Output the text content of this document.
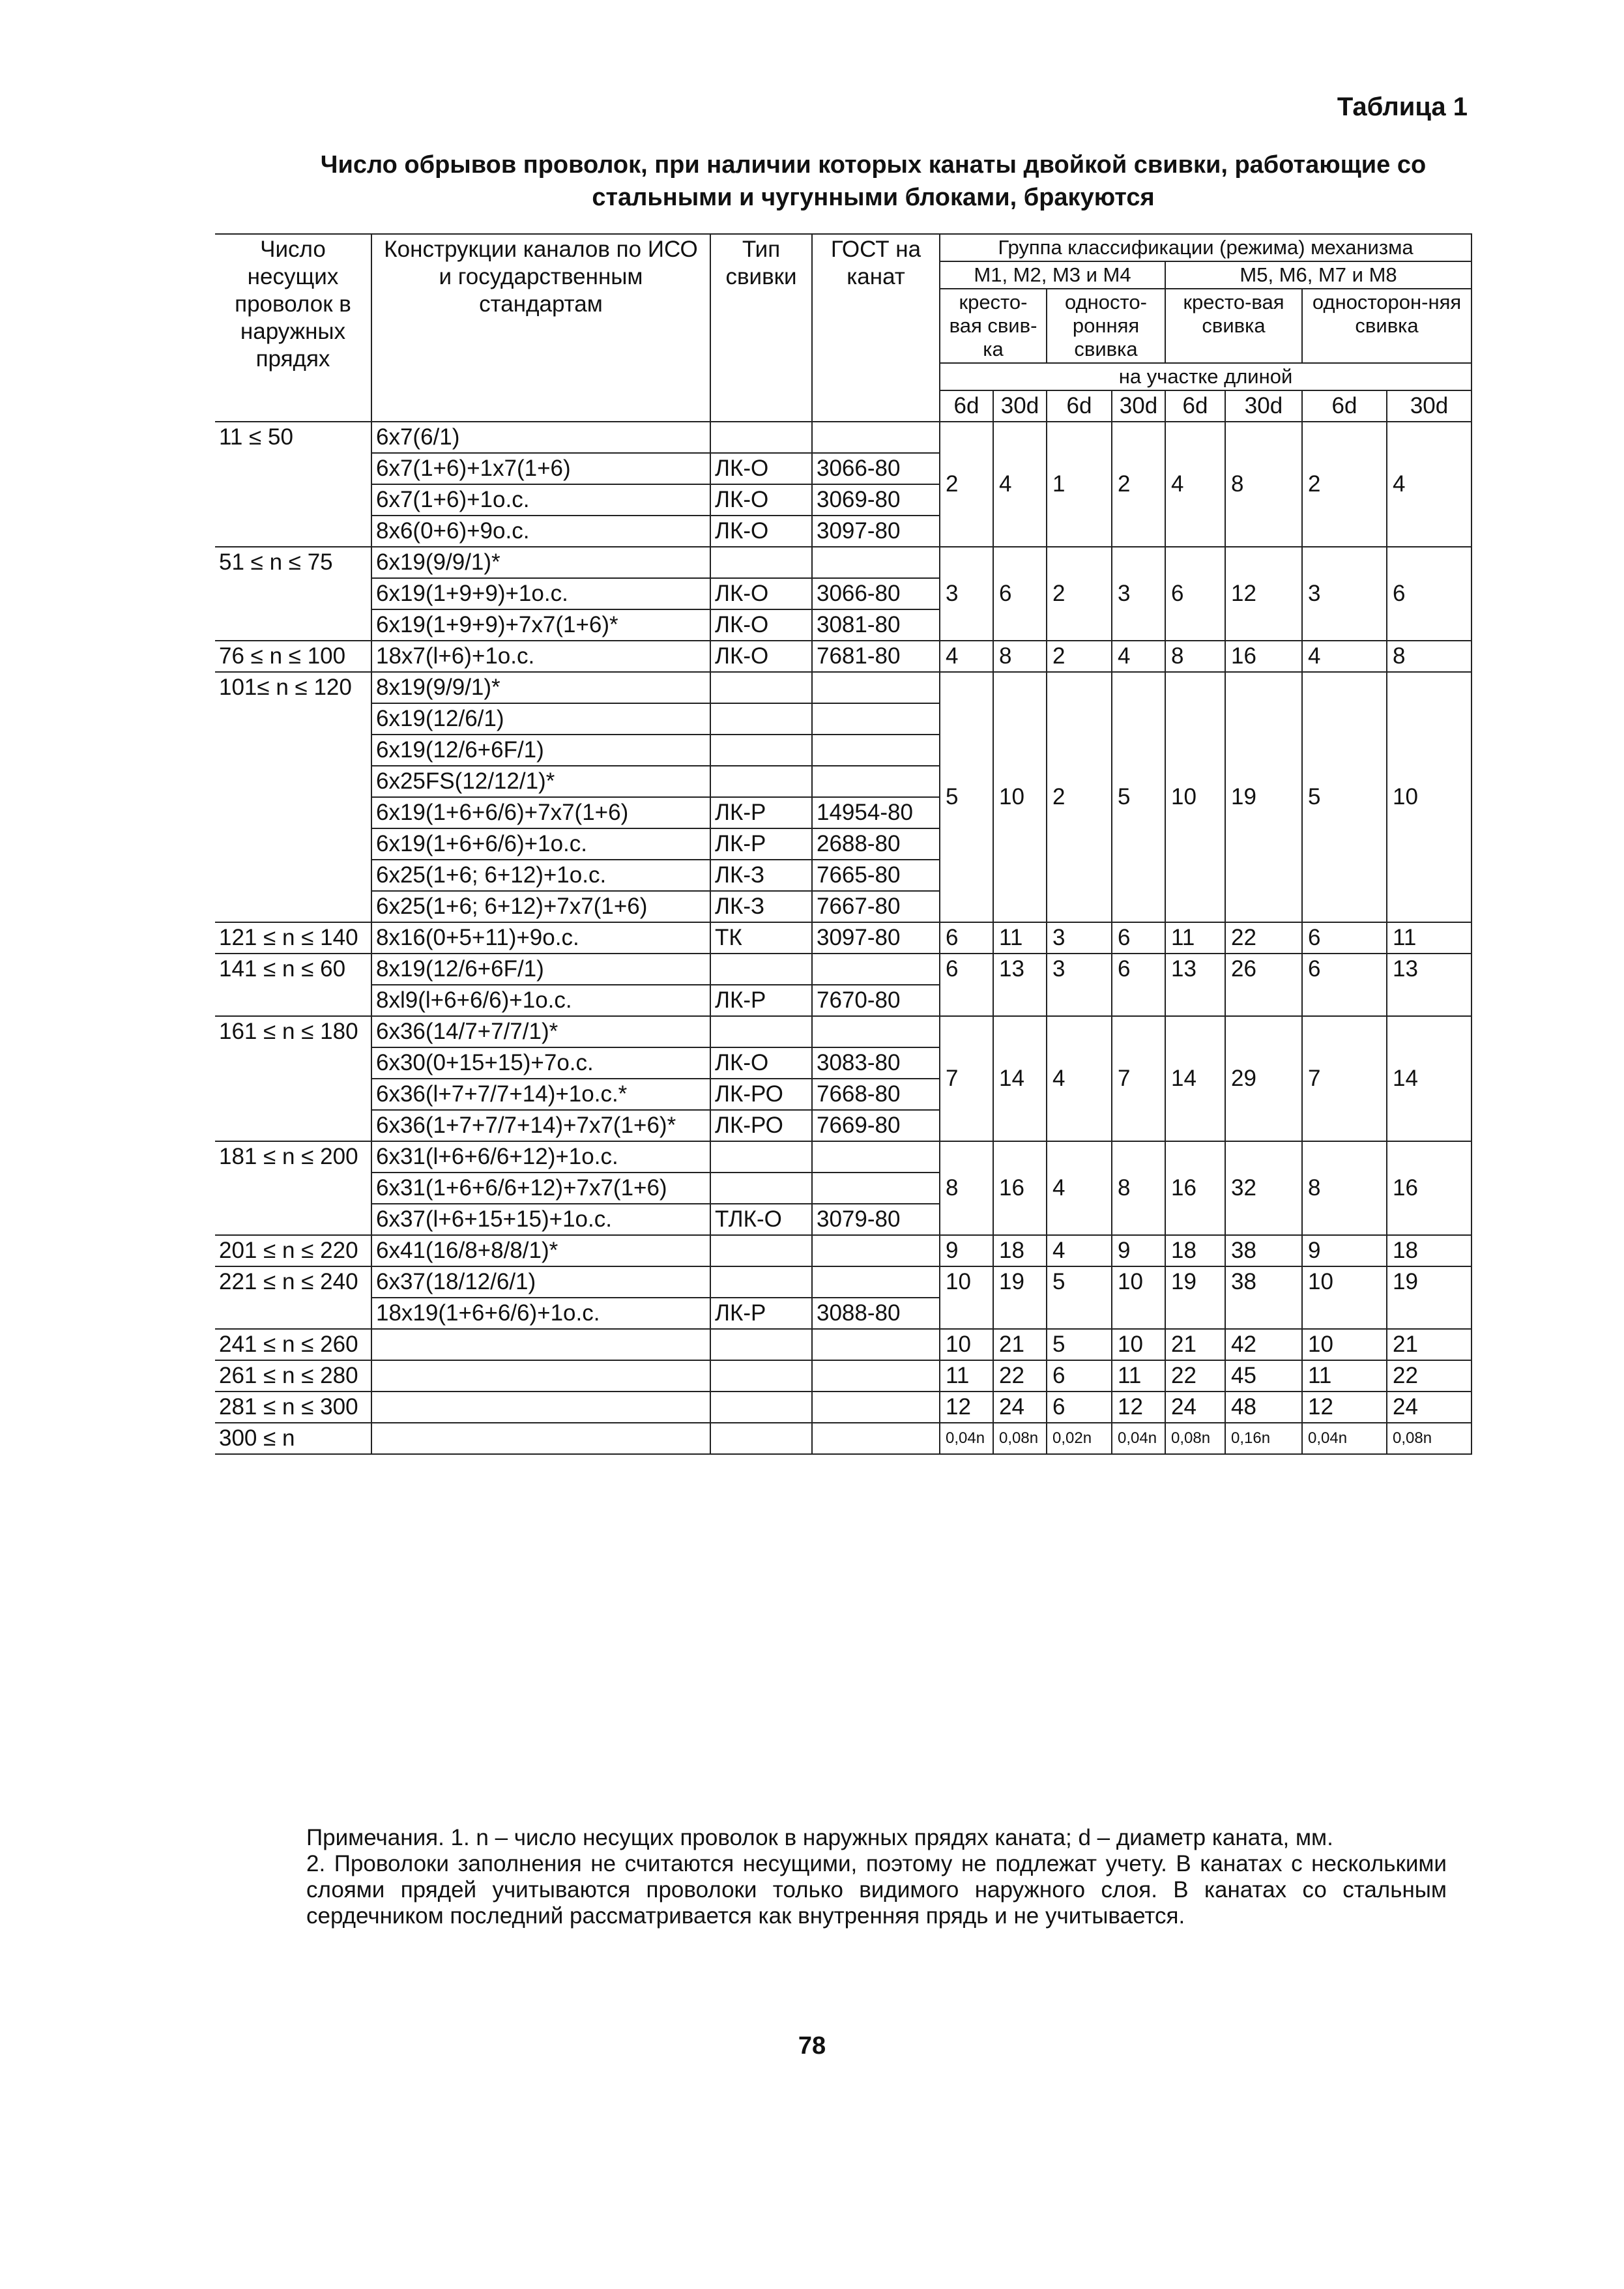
Таблица 1
Число обрывов проволок, при наличии которых канаты двойкой свивки, работающие со стальными и чугунными блоками, бракуются
Число несущих проволок в наружных прядях	Конструкции каналов по ИСО и государственным стандартам	Тип свивки	ГОСТ на канат	Группа классификации (режима) механизма							
				М1, М2, М3 и М4				М5, М6, М7 и М8			
				кресто-вая свив-ка		односто-ронняя свивка		кресто-вая свивка		односторон-няя свивка	
				на участке длиной							
				6d	30d	6d	30d	6d	30d	6d	30d
11 ≤ 50	6x7(6/1)			2	4	1	2	4	8	2	4
	6x7(1+6)+1x7(1+6)	ЛК-О	3066-80								
	6x7(1+6)+1о.с.	ЛК-О	3069-80								
	8x6(0+6)+9о.с.	ЛК-О	3097-80								
51 ≤ n ≤ 75	6x19(9/9/1)*			3	6	2	3	6	12	3	6
	6x19(1+9+9)+1о.с.	ЛК-О	3066-80								
	6x19(1+9+9)+7x7(1+6)*	ЛК-О	3081-80								
76 ≤ n ≤ 100	18x7(l+6)+1о.с.	ЛК-О	7681-80	4	8	2	4	8	16	4	8
101≤ n ≤ 120	8x19(9/9/1)*			5	10	2	5	10	19	5	10
	6x19(12/6/1)										
	6x19(12/6+6F/1)										
	6x25FS(12/12/1)*										
	6x19(1+6+6/6)+7x7(1+6)	ЛК-Р	14954-80								
	6x19(1+6+6/6)+1о.с.	ЛК-Р	2688-80								
	6x25(1+6; 6+12)+1о.с.	ЛК-З	7665-80								
	6x25(1+6; 6+12)+7x7(1+6)	ЛК-З	7667-80								
121 ≤ n ≤ 140	8x16(0+5+11)+9о.с.	ТК	3097-80	6	11	3	6	11	22	6	11
141 ≤ n ≤ 60	8x19(12/6+6F/1)			6	13	3	6	13	26	6	13
	8xl9(l+6+6/6)+1о.с.	ЛК-Р	7670-80								
161 ≤ n ≤ 180	6x36(14/7+7/7/1)*			7	14	4	7	14	29	7	14
	6x30(0+15+15)+7о.с.	ЛК-О	3083-80								
	6x36(l+7+7/7+14)+1о.с.*	ЛК-РО	7668-80								
	6x36(1+7+7/7+14)+7x7(1+6)*	ЛК-РО	7669-80								
181 ≤ n ≤ 200	6x31(l+6+6/6+12)+1о.с.			8	16	4	8	16	32	8	16
	6x31(1+6+6/6+12)+7x7(1+6)										
	6x37(l+6+15+15)+1о.с.	ТЛК-О	3079-80								
201 ≤ n ≤ 220	6x41(16/8+8/8/1)*			9	18	4	9	18	38	9	18
221 ≤ n ≤ 240	6x37(18/12/6/1)			10	19	5	10	19	38	10	19
	18x19(1+6+6/6)+1о.с.	ЛК-Р	3088-80								
241 ≤ n ≤ 260				10	21	5	10	21	42	10	21
261 ≤ n ≤ 280				11	22	6	11	22	45	11	22
281 ≤ n ≤ 300				12	24	6	12	24	48	12	24
300 ≤ n				0,04n	0,08n	0,02n	0,04n	0,08n	0,16n	0,04n	0,08n

Примечания. 1. n – число несущих проволок в наружных прядях каната; d – диаметр каната, мм.

2. Проволоки заполнения не считаются несущими, поэтому не подлежат учету. В канатах с несколькими слоями прядей учитываются проволоки только видимого наружного слоя. В канатах со стальным сердечником последний рассматривается как внутренняя прядь и не учитывается.

78
